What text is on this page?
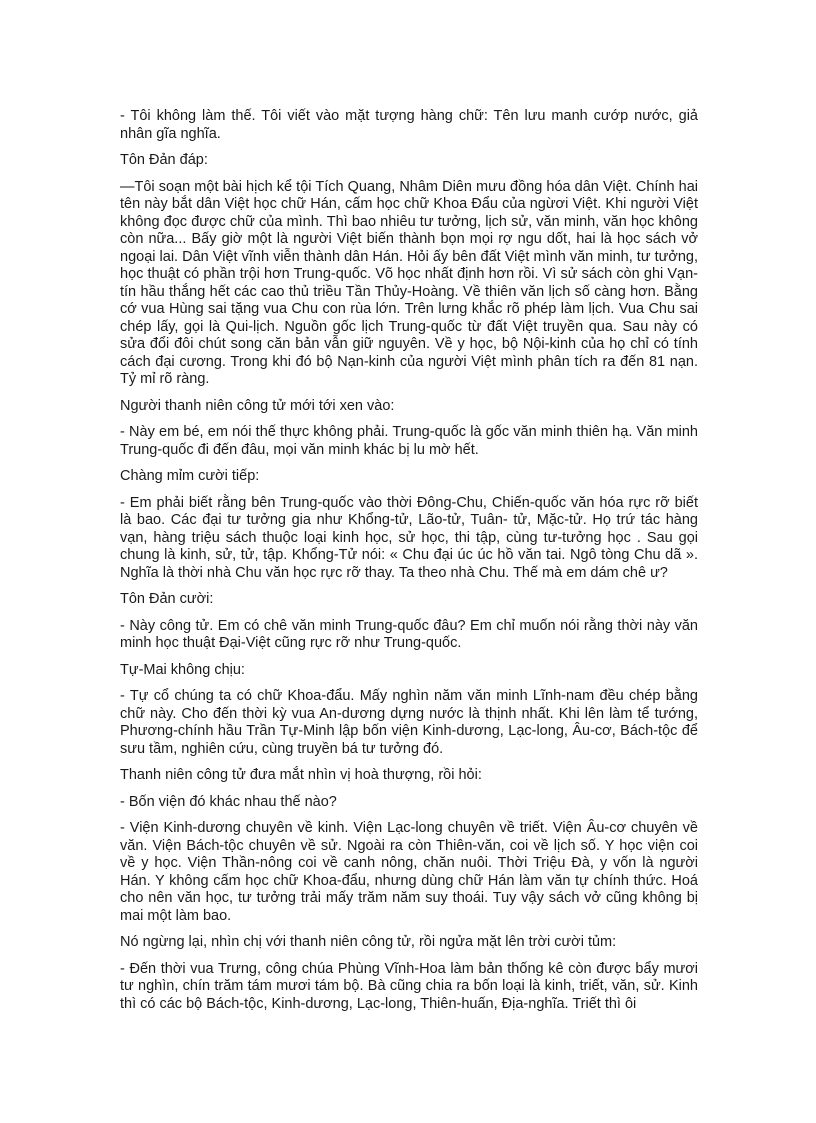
- Tôi không làm thế. Tôi viết vào mặt tượng hàng chữ: Tên lưu manh cướp nước, giả nhân gĩa nghĩa.

Tôn Đản đáp:

—Tôi soạn một bài hịch kể tội Tích Quang, Nhâm Diên mưu đồng hóa dân Việt. Chính hai tên này bắt dân Việt học chữ Hán, cấm học chữ Khoa Đẩu của ngừơi Việt. Khi người Việt không đọc được chữ của mình. Thì bao nhiêu tư tưởng, lịch sử, văn minh, văn học không còn nữa... Bấy giờ một là người Việt biến thành bọn mọi rợ ngu dốt, hai là học sách vở ngoại lai. Dân Việt vĩnh viễn thành dân Hán. Hỏi ấy bên đất Việt mình văn minh, tư tưởng, học thuật có phần trội hơn Trung-quốc. Võ học nhất định hơn rồi. Vì sử sách còn ghi Vạn-tín hầu thắng hết các cao thủ triều Tần Thủy-Hoàng. Về thiên văn lịch số càng hơn. Bằng cớ vua Hùng sai tặng vua Chu con rùa lớn. Trên lưng khắc rõ phép làm lịch. Vua Chu sai chép lấy, gọi là Qui-lịch. Nguồn gốc lịch Trung-quốc từ đất Việt truyền qua. Sau này có sửa đổi đôi chút song căn bản vẫn giữ nguyên. Về y học, bộ Nội-kinh của họ chỉ có tính cách đại cương. Trong khi đó bộ Nạn-kinh của người Việt mình phân tích ra đến 81 nạn. Tỷ mỉ rõ ràng.

Người thanh niên công tử mới tới xen vào:

- Này em bé, em nói thế thực không phải. Trung-quốc là gốc văn minh thiên hạ. Văn minh Trung-quốc đi đến đâu, mọi văn minh khác bị lu mờ hết.

Chàng mỉm cười tiếp:

- Em phải biết rằng bên Trung-quốc vào thời Đông-Chu, Chiến-quốc văn hóa rực rỡ biết là bao. Các đại tư tưởng gia như Khổng-tử, Lão-tử, Tuân- tử, Mặc-tử. Họ trứ tác hàng vạn, hàng triệu sách thuộc loại kinh học, sử học, thi tập, cùng tư-tưởng học . Sau gọi chung là kinh, sử, tử, tập. Khổng-Tử nói: « Chu đại úc úc hồ văn tai. Ngô tòng Chu dã ». Nghĩa là thời nhà Chu văn học rực rỡ thay. Ta theo nhà Chu. Thế mà em dám chê ư?

Tôn Đản cười:

- Này công tử. Em có chê văn minh Trung-quốc đâu? Em chỉ muốn nói rằng thời này văn minh học thuật Đại-Việt cũng rực rỡ như Trung-quốc.

Tự-Mai không chịu:

- Tự cổ chúng ta có chữ Khoa-đẩu. Mấy nghìn năm văn minh Lĩnh-nam đều chép bằng chữ này. Cho đến thời kỳ vua An-dương dựng nước là thịnh nhất. Khi lên làm tể tướng, Phương-chính hầu Trần Tự-Minh lập bốn viện Kinh-dương, Lạc-long, Âu-cơ, Bách-tộc để sưu tầm, nghiên cứu, cùng truyền bá tư tưởng đó.

Thanh niên công tử đưa mắt nhìn vị hoà thượng, rồi hỏi:

- Bốn viện đó khác nhau thế nào?

- Viện Kinh-dương chuyên về kinh. Viện Lạc-long chuyên về triết. Viện Âu-cơ chuyên về văn. Viện Bách-tộc chuyên về sử. Ngoài ra còn Thiên-văn, coi về lịch số. Y học viện coi về y học. Viện Thần-nông coi về canh nông, chăn nuôi. Thời Triệu Đà, y vốn là người Hán. Y không cấm học chữ Khoa-đẩu, nhưng dùng chữ Hán làm văn tự chính thức. Hoá cho nên văn học, tư tưởng trải mấy trăm năm suy thoái. Tuy vậy sách vở cũng không bị mai một làm bao.

Nó ngừng lại, nhìn chị với thanh niên công tử, rồi ngửa mặt lên trời cười tủm:

- Đến thời vua Trưng, công chúa Phùng Vĩnh-Hoa làm bản thống kê còn được bẩy mươi tư nghìn, chín trăm tám mươi tám bộ. Bà cũng chia ra bốn loại là kinh, triết, văn, sử. Kinh thì có các bộ Bách-tộc, Kinh-dương, Lạc-long, Thiên-huấn, Địa-nghĩa. Triết thì ôi
